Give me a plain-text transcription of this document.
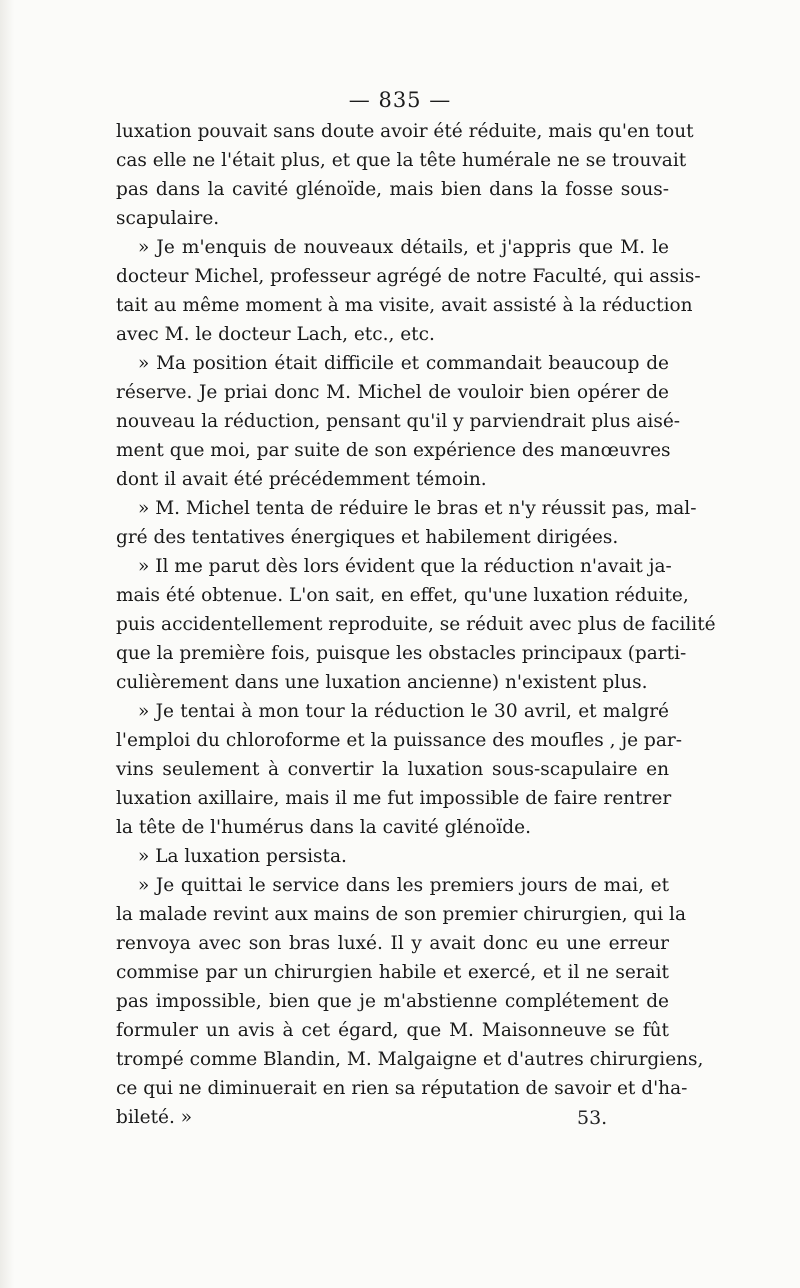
— 835 —
luxation pouvait sans doute avoir été réduite, mais qu'en tout
cas elle ne l'était plus, et que la tête humérale ne se trouvait
pas dans la cavité glénoïde, mais bien dans la fosse sous-
scapulaire.
» Je m'enquis de nouveaux détails, et j'appris que M. le
docteur Michel, professeur agrégé de notre Faculté, qui assis-
tait au même moment à ma visite, avait assisté à la réduction
avec M. le docteur Lach, etc., etc.
» Ma position était difficile et commandait beaucoup de
réserve. Je priai donc M. Michel de vouloir bien opérer de
nouveau la réduction, pensant qu'il y parviendrait plus aisé-
ment que moi, par suite de son expérience des manœuvres
dont il avait été précédemment témoin.
» M. Michel tenta de réduire le bras et n'y réussit pas, mal-
gré des tentatives énergiques et habilement dirigées.
» Il me parut dès lors évident que la réduction n'avait ja-
mais été obtenue. L'on sait, en effet, qu'une luxation réduite,
puis accidentellement reproduite, se réduit avec plus de facilité
que la première fois, puisque les obstacles principaux (parti-
culièrement dans une luxation ancienne) n'existent plus.
» Je tentai à mon tour la réduction le 30 avril, et malgré
l'emploi du chloroforme et la puissance des moufles , je par-
vins seulement à convertir la luxation sous-scapulaire en
luxation axillaire, mais il me fut impossible de faire rentrer
la tête de l'humérus dans la cavité glénoïde.
» La luxation persista.
» Je quittai le service dans les premiers jours de mai, et
la malade revint aux mains de son premier chirurgien, qui la
renvoya avec son bras luxé. Il y avait donc eu une erreur
commise par un chirurgien habile et exercé, et il ne serait
pas impossible, bien que je m'abstienne complétement de
formuler un avis à cet égard, que M. Maisonneuve se fût
trompé comme Blandin, M. Malgaigne et d'autres chirurgiens,
ce qui ne diminuerait en rien sa réputation de savoir et d'ha-
bileté. »	53.
